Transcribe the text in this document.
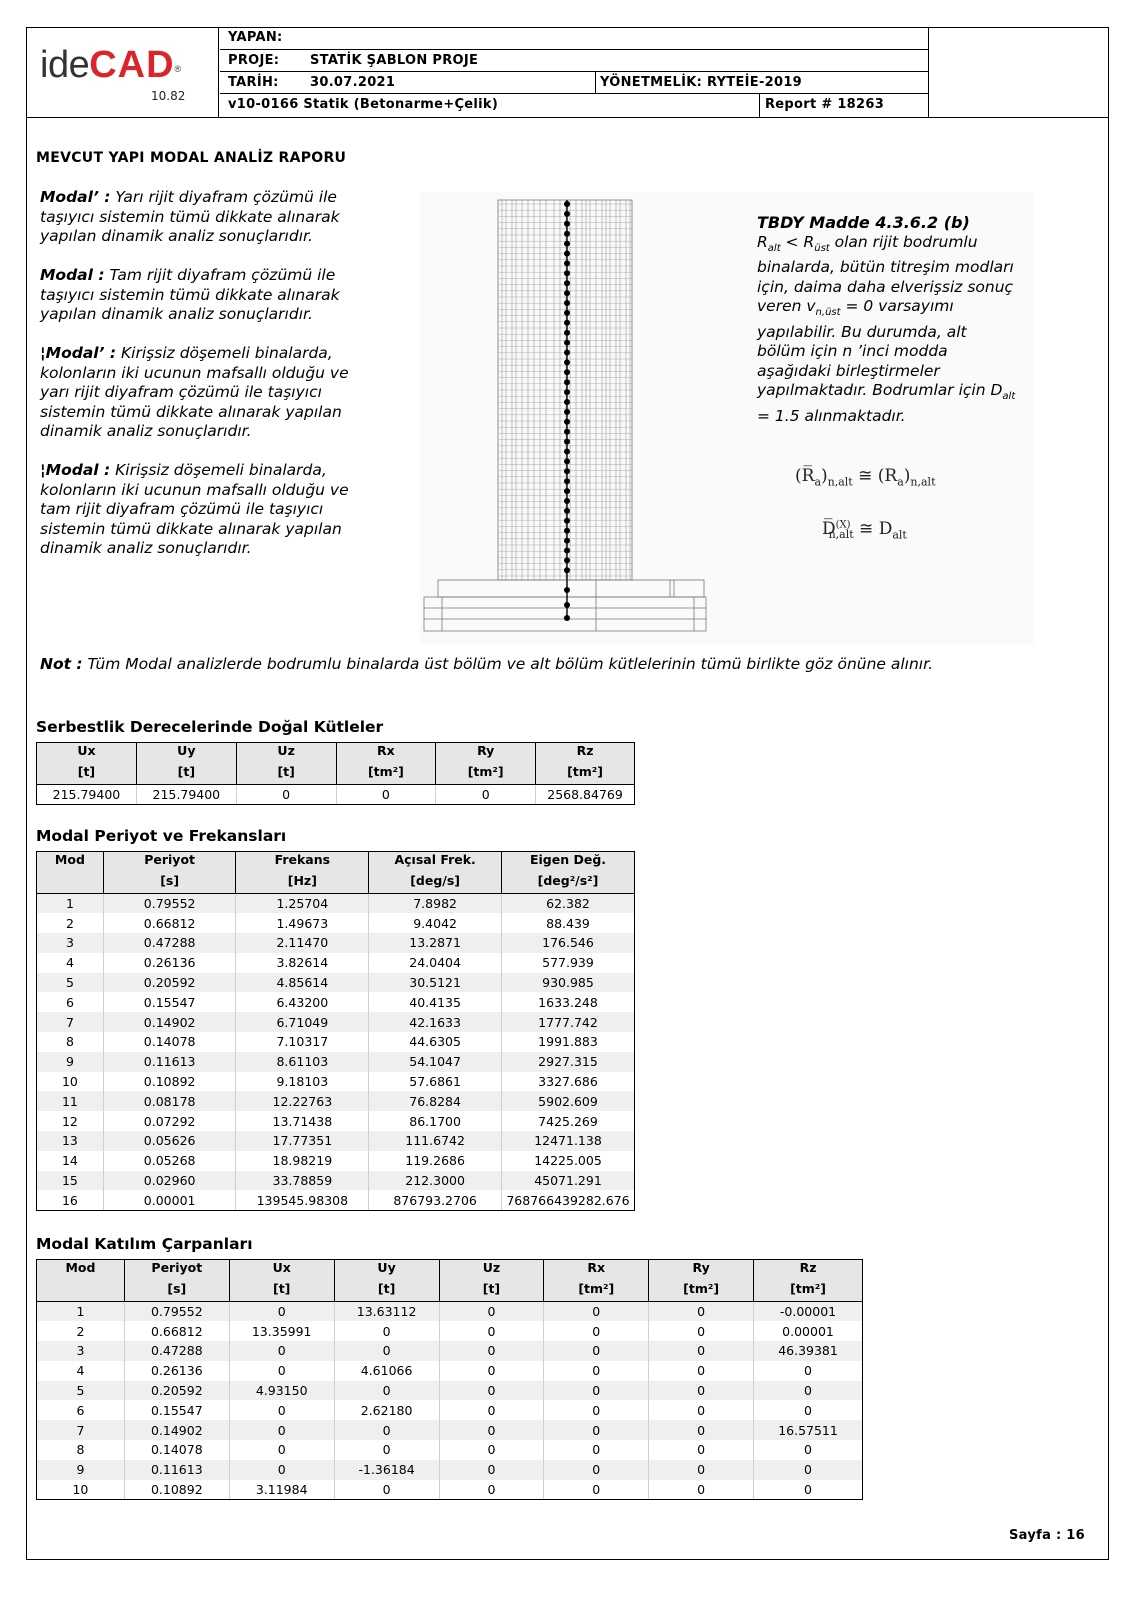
ideCAD®
10.82
YAPAN:
PROJE: STATİK ŞABLON PROJE
TARİH: 30.07.2021	YÖNETMELİK: RYTEİE-2019
v10-0166 Statik (Betonarme+Çelik)	Report # 18263
MEVCUT YAPI MODAL ANALİZ RAPORU

Modal’ : Yarı rijit diyafram çözümü ile taşıyıcı sistemin tümü dikkate alınarak yapılan dinamik analiz sonuçlarıdır.

Modal : Tam rijit diyafram çözümü ile taşıyıcı sistemin tümü dikkate alınarak yapılan dinamik analiz sonuçlarıdır.

¦Modal’ : Kirişsiz döşemeli binalarda, kolonların iki ucunun mafsallı olduğu ve yarı rijit diyafram çözümü ile taşıyıcı sistemin tümü dikkate alınarak yapılan dinamik analiz sonuçlarıdır.

¦Modal : Kirişsiz döşemeli binalarda, kolonların iki ucunun mafsallı olduğu ve tam rijit diyafram çözümü ile taşıyıcı sistemin tümü dikkate alınarak yapılan dinamik analiz sonuçlarıdır.

TBDY Madde 4.3.6.2 (b)
$R_{alt} < R_{üst}$ olan rijit bodrumlu binalarda, bütün titreşim modları için, daima daha elverişsiz sonuç veren $v_{n,üst} = 0$ varsayımı yapılabilir. Bu durumda, alt bölüm için n ’inci modda aşağıdaki birleştirmeler yapılmaktadır. Bodrumlar için $D_{alt} = 1.5$ alınmaktadır.
$(R̅_a)_{n,alt}$ ≅ $(R_a)_{n,alt}$
D̅$^{(X)}_{n,alt}$ ≅ $D_{alt}$
Not : Tüm Modal analizlerde bodrumlu binalarda üst bölüm ve alt bölüm kütlelerinin tümü birlikte göz önüne alınır.
Serbestlik Derecelerinde Doğal Kütleler
Ux	Uy	Uz	Rx	Ry	Rz
[t]	[t]	[t]	[tm²]	[tm²]	[tm²]
215.79400	215.79400	0	0	0	2568.84769
Modal Periyot ve Frekansları
Mod	Periyot	Frekans	Açısal Frek.	Eigen Değ.
	[s]	[Hz]	[deg/s]	[deg²/s²]
1	0.79552	1.25704	7.8982	62.382
2	0.66812	1.49673	9.4042	88.439
3	0.47288	2.11470	13.2871	176.546
4	0.26136	3.82614	24.0404	577.939
5	0.20592	4.85614	30.5121	930.985
6	0.15547	6.43200	40.4135	1633.248
7	0.14902	6.71049	42.1633	1777.742
8	0.14078	7.10317	44.6305	1991.883
9	0.11613	8.61103	54.1047	2927.315
10	0.10892	9.18103	57.6861	3327.686
11	0.08178	12.22763	76.8284	5902.609
12	0.07292	13.71438	86.1700	7425.269
13	0.05626	17.77351	111.6742	12471.138
14	0.05268	18.98219	119.2686	14225.005
15	0.02960	33.78859	212.3000	45071.291
16	0.00001	139545.98308	876793.2706	768766439282.676
Modal Katılım Çarpanları
Mod	Periyot	Ux	Uy	Uz	Rx	Ry	Rz
	[s]	[t]	[t]	[t]	[tm²]	[tm²]	[tm²]
1	0.79552	0	13.63112	0	0	0	-0.00001
2	0.66812	13.35991	0	0	0	0	0.00001
3	0.47288	0	0	0	0	0	46.39381
4	0.26136	0	4.61066	0	0	0	0
5	0.20592	4.93150	0	0	0	0	0
6	0.15547	0	2.62180	0	0	0	0
7	0.14902	0	0	0	0	0	16.57511
8	0.14078	0	0	0	0	0	0
9	0.11613	0	-1.36184	0	0	0	0
10	0.10892	3.11984	0	0	0	0	0
Sayfa : 16
